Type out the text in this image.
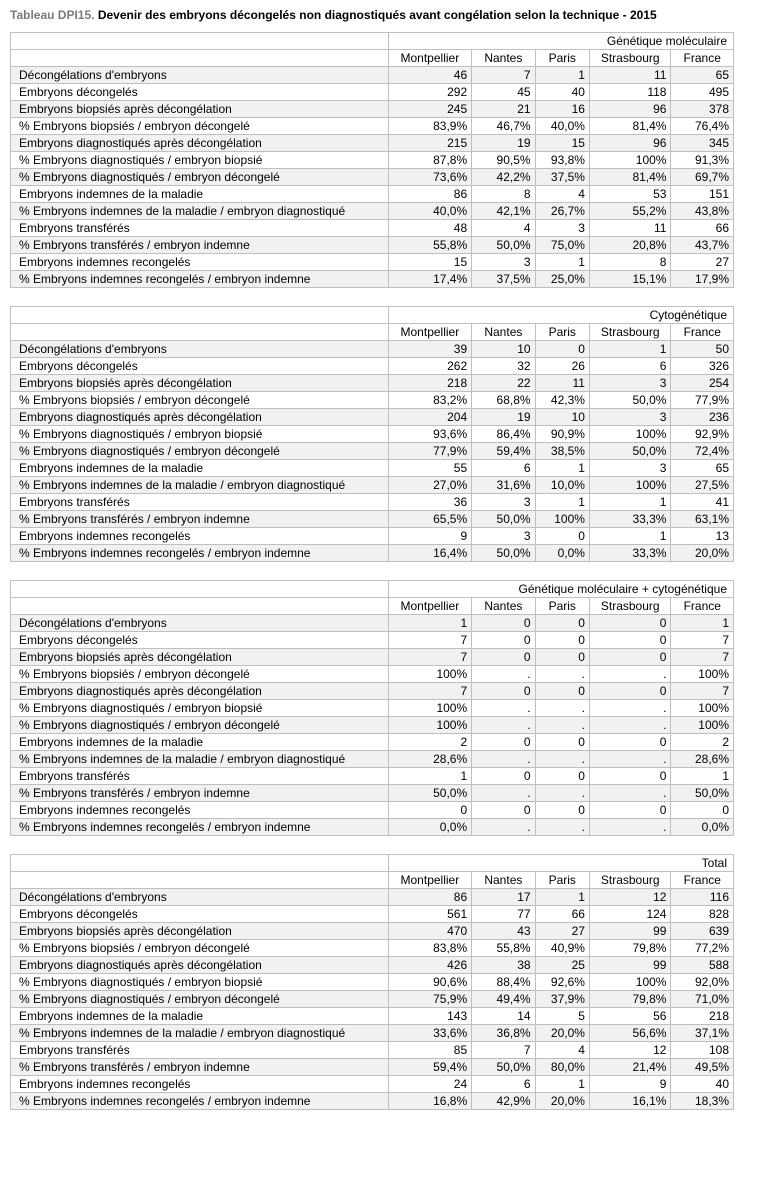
Tableau DPI15. Devenir des embryons décongelés non diagnostiqués avant congélation selon la technique - 2015
	Génétique moléculaire				
	Montpellier	Nantes	Paris	Strasbourg	France
Décongélations d'embryons	46	7	1	11	65
Embryons décongelés	292	45	40	118	495
Embryons biopsiés après décongélation	245	21	16	96	378
% Embryons biopsiés / embryon décongelé	83,9%	46,7%	40,0%	81,4%	76,4%
Embryons diagnostiqués après décongélation	215	19	15	96	345
% Embryons diagnostiqués / embryon biopsié	87,8%	90,5%	93,8%	100%	91,3%
% Embryons diagnostiqués / embryon décongelé	73,6%	42,2%	37,5%	81,4%	69,7%
Embryons indemnes de la maladie	86	8	4	53	151
% Embryons indemnes de la maladie / embryon diagnostiqué	40,0%	42,1%	26,7%	55,2%	43,8%
Embryons transférés	48	4	3	11	66
% Embryons transférés / embryon indemne	55,8%	50,0%	75,0%	20,8%	43,7%
Embryons indemnes recongelés	15	3	1	8	27
% Embryons indemnes recongelés / embryon indemne	17,4%	37,5%	25,0%	15,1%	17,9%
	Cytogénétique				
	Montpellier	Nantes	Paris	Strasbourg	France
Décongélations d'embryons	39	10	0	1	50
Embryons décongelés	262	32	26	6	326
Embryons biopsiés après décongélation	218	22	11	3	254
% Embryons biopsiés / embryon décongelé	83,2%	68,8%	42,3%	50,0%	77,9%
Embryons diagnostiqués après décongélation	204	19	10	3	236
% Embryons diagnostiqués / embryon biopsié	93,6%	86,4%	90,9%	100%	92,9%
% Embryons diagnostiqués / embryon décongelé	77,9%	59,4%	38,5%	50,0%	72,4%
Embryons indemnes de la maladie	55	6	1	3	65
% Embryons indemnes de la maladie / embryon diagnostiqué	27,0%	31,6%	10,0%	100%	27,5%
Embryons transférés	36	3	1	1	41
% Embryons transférés / embryon indemne	65,5%	50,0%	100%	33,3%	63,1%
Embryons indemnes recongelés	9	3	0	1	13
% Embryons indemnes recongelés / embryon indemne	16,4%	50,0%	0,0%	33,3%	20,0%
	Génétique moléculaire + cytogénétique				
	Montpellier	Nantes	Paris	Strasbourg	France
Décongélations d'embryons	1	0	0	0	1
Embryons décongelés	7	0	0	0	7
Embryons biopsiés après décongélation	7	0	0	0	7
% Embryons biopsiés / embryon décongelé	100%	.	.	.	100%
Embryons diagnostiqués après décongélation	7	0	0	0	7
% Embryons diagnostiqués / embryon biopsié	100%	.	.	.	100%
% Embryons diagnostiqués / embryon décongelé	100%	.	.	.	100%
Embryons indemnes de la maladie	2	0	0	0	2
% Embryons indemnes de la maladie / embryon diagnostiqué	28,6%	.	.	.	28,6%
Embryons transférés	1	0	0	0	1
% Embryons transférés / embryon indemne	50,0%	.	.	.	50,0%
Embryons indemnes recongelés	0	0	0	0	0
% Embryons indemnes recongelés / embryon indemne	0,0%	.	.	.	0,0%
	Total				
	Montpellier	Nantes	Paris	Strasbourg	France
Décongélations d'embryons	86	17	1	12	116
Embryons décongelés	561	77	66	124	828
Embryons biopsiés après décongélation	470	43	27	99	639
% Embryons biopsiés / embryon décongelé	83,8%	55,8%	40,9%	79,8%	77,2%
Embryons diagnostiqués après décongélation	426	38	25	99	588
% Embryons diagnostiqués / embryon biopsié	90,6%	88,4%	92,6%	100%	92,0%
% Embryons diagnostiqués / embryon décongelé	75,9%	49,4%	37,9%	79,8%	71,0%
Embryons indemnes de la maladie	143	14	5	56	218
% Embryons indemnes de la maladie / embryon diagnostiqué	33,6%	36,8%	20,0%	56,6%	37,1%
Embryons transférés	85	7	4	12	108
% Embryons transférés / embryon indemne	59,4%	50,0%	80,0%	21,4%	49,5%
Embryons indemnes recongelés	24	6	1	9	40
% Embryons indemnes recongelés / embryon indemne	16,8%	42,9%	20,0%	16,1%	18,3%
